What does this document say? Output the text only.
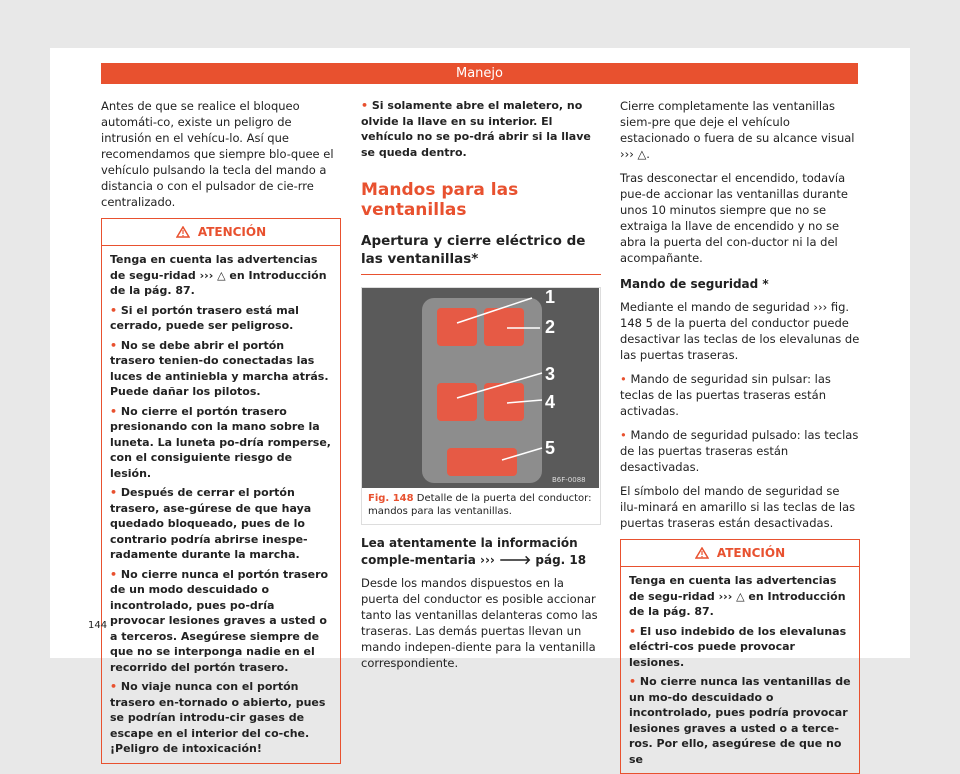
Manejo

Antes de que se realice el bloqueo automáti-co, existe un peligro de intrusión en el vehícu-lo. Así que recomendamos que siempre blo-quee el vehículo pulsando la tecla del mando a distancia o con el pulsador de cie-rre centralizado.

ATENCIÓN
Tenga en cuenta las advertencias de segu-ridad ››› △ en Introducción de la pág. 87.
• Si el portón trasero está mal cerrado, puede ser peligroso.
• No se debe abrir el portón trasero tenien-do conectadas las luces de antiniebla y marcha atrás. Puede dañar los pilotos.
• No cierre el portón trasero presionando con la mano sobre la luneta. La luneta po-dría romperse, con el consiguiente riesgo de lesión.
• Después de cerrar el portón trasero, ase-gúrese de que haya quedado bloqueado, pues de lo contrario podría abrirse inespe-radamente durante la marcha.
• No cierre nunca el portón trasero de un modo descuidado o incontrolado, pues po-dría provocar lesiones graves a usted o a terceros. Asegúrese siempre de que no se interponga nadie en el recorrido del portón trasero.
• No viaje nunca con el portón trasero en-tornado o abierto, pues se podrían introdu-cir gases de escape en el interior del co-che. ¡Peligro de intoxicación!

• Si solamente abre el maletero, no olvide la llave en su interior. El vehículo no se po-drá abrir si la llave se queda dentro.

Mandos para las ventanillas
Apertura y cierre eléctrico de las ventanillas*
1
2
3
4
5
B6F-0088
Fig. 148 Detalle de la puerta del conductor: mandos para las ventanillas.
Lea atentamente la información comple-mentaria ››› 🡒 pág. 18

Desde los mandos dispuestos en la puerta del conductor es posible accionar tanto las ventanillas delanteras como las traseras. Las demás puertas llevan un mando indepen-diente para la ventanilla correspondiente.

Cierre completamente las ventanillas siem-pre que deje el vehículo estacionado o fuera de su alcance visual ››› △.

Tras desconectar el encendido, todavía pue-de accionar las ventanillas durante unos 10 minutos siempre que no se extraiga la llave de encendido y no se abra la puerta del con-ductor ni la del acompañante.

Mando de seguridad *

Mediante el mando de seguridad ››› fig. 148 5 de la puerta del conductor puede desactivar las teclas de los elevalunas de las puertas traseras.

• Mando de seguridad sin pulsar: las teclas de las puertas traseras están activadas.

• Mando de seguridad pulsado: las teclas de las puertas traseras están desactivadas.

El símbolo del mando de seguridad se ilu-minará en amarillo si las teclas de las puertas traseras están desactivadas.

ATENCIÓN
Tenga en cuenta las advertencias de segu-ridad ››› △ en Introducción de la pág. 87.
• El uso indebido de los elevalunas eléctri-cos puede provocar lesiones.
• No cierre nunca las ventanillas de un mo-do descuidado o incontrolado, pues podría provocar lesiones graves a usted o a terce-ros. Por ello, asegúrese de que no se
144
